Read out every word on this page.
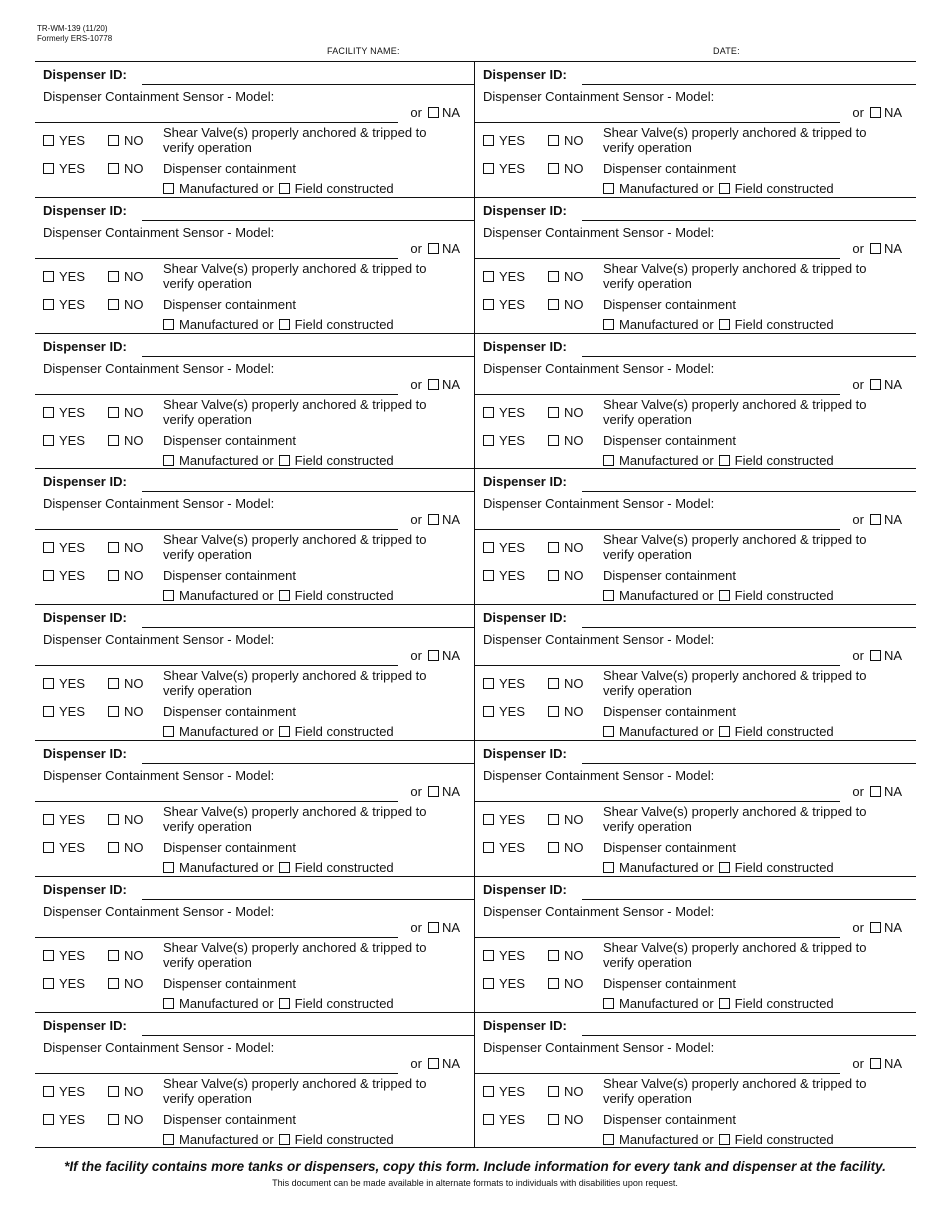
TR-WM-139 (11/20)
Formerly ERS-10778
FACILITY NAME:	DATE:
Dispenser ID:
Dispenser Containment Sensor - Model:
or NA
YES	NO
Shear Valve(s) properly anchored & tripped to verify operation
YES	NO Dispenser containment
Manufactured or Field constructed
Dispenser ID:
Dispenser Containment Sensor - Model:
or NA
YES	NO
Shear Valve(s) properly anchored & tripped to verify operation
YES	NO Dispenser containment
Manufactured or Field constructed
Dispenser ID:
Dispenser Containment Sensor - Model:
or NA
YES	NO
Shear Valve(s) properly anchored & tripped to verify operation
YES	NO Dispenser containment
Manufactured or Field constructed
Dispenser ID:
Dispenser Containment Sensor - Model:
or NA
YES	NO
Shear Valve(s) properly anchored & tripped to verify operation
YES	NO Dispenser containment
Manufactured or Field constructed
Dispenser ID:
Dispenser Containment Sensor - Model:
or NA
YES	NO
Shear Valve(s) properly anchored & tripped to verify operation
YES	NO Dispenser containment
Manufactured or Field constructed
Dispenser ID:
Dispenser Containment Sensor - Model:
or NA
YES	NO
Shear Valve(s) properly anchored & tripped to verify operation
YES	NO Dispenser containment
Manufactured or Field constructed
Dispenser ID:
Dispenser Containment Sensor - Model:
or NA
YES	NO
Shear Valve(s) properly anchored & tripped to verify operation
YES	NO Dispenser containment
Manufactured or Field constructed
Dispenser ID:
Dispenser Containment Sensor - Model:
or NA
YES	NO
Shear Valve(s) properly anchored & tripped to verify operation
YES	NO Dispenser containment
Manufactured or Field constructed
Dispenser ID:
Dispenser Containment Sensor - Model:
or NA
YES	NO
Shear Valve(s) properly anchored & tripped to verify operation
YES	NO Dispenser containment
Manufactured or Field constructed
Dispenser ID:
Dispenser Containment Sensor - Model:
or NA
YES	NO
Shear Valve(s) properly anchored & tripped to verify operation
YES	NO Dispenser containment
Manufactured or Field constructed
Dispenser ID:
Dispenser Containment Sensor - Model:
or NA
YES	NO
Shear Valve(s) properly anchored & tripped to verify operation
YES	NO Dispenser containment
Manufactured or Field constructed
Dispenser ID:
Dispenser Containment Sensor - Model:
or NA
YES	NO
Shear Valve(s) properly anchored & tripped to verify operation
YES	NO Dispenser containment
Manufactured or Field constructed
Dispenser ID:
Dispenser Containment Sensor - Model:
or NA
YES	NO
Shear Valve(s) properly anchored & tripped to verify operation
YES	NO Dispenser containment
Manufactured or Field constructed
Dispenser ID:
Dispenser Containment Sensor - Model:
or NA
YES	NO
Shear Valve(s) properly anchored & tripped to verify operation
YES	NO Dispenser containment
Manufactured or Field constructed
Dispenser ID:
Dispenser Containment Sensor - Model:
or NA
YES	NO
Shear Valve(s) properly anchored & tripped to verify operation
YES	NO Dispenser containment
Manufactured or Field constructed
Dispenser ID:
Dispenser Containment Sensor - Model:
or NA
YES	NO
Shear Valve(s) properly anchored & tripped to verify operation
YES	NO Dispenser containment
Manufactured or Field constructed
*If the facility contains more tanks or dispensers, copy this form. Include information for every tank and dispenser at the facility.
This document can be made available in alternate formats to individuals with disabilities upon request.
